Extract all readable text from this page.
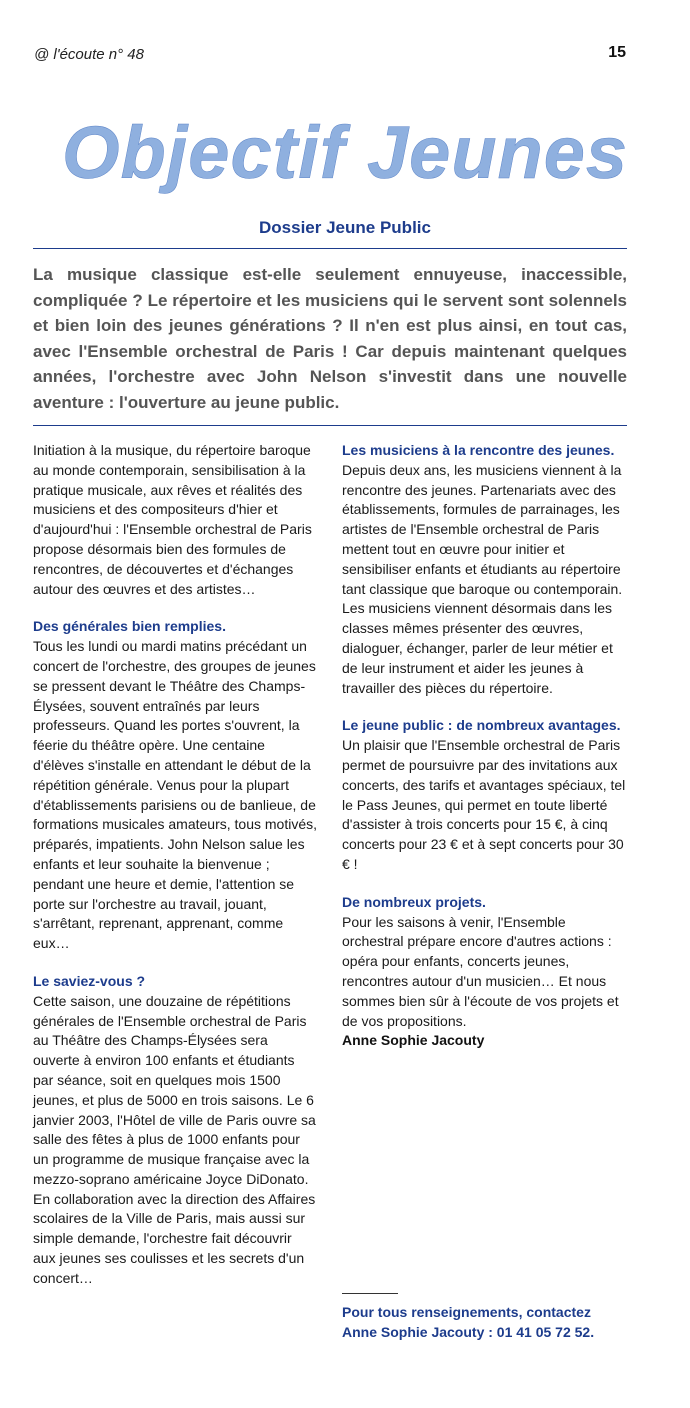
@ l'écoute n° 48	15
Objectif Jeunes
Dossier Jeune Public
La musique classique est-elle seulement ennuyeuse, inaccessible, compliquée ? Le répertoire et les musiciens qui le servent sont solennels et bien loin des jeunes générations ? Il n'en est plus ainsi, en tout cas, avec l'Ensemble orchestral de Paris ! Car depuis maintenant quelques années, l'orchestre avec John Nelson s'investit dans une nouvelle aventure : l'ouverture au jeune public.

Initiation à la musique, du répertoire baroque au monde contemporain, sensibilisation à la pratique musicale, aux rêves et réalités des musiciens et des compositeurs d'hier et d'aujourd'hui : l'Ensemble orchestral de Paris propose désormais bien des formules de rencontres, de découvertes et d'échanges autour des œuvres et des artistes…

Des générales bien remplies.

Tous les lundi ou mardi matins précédant un concert de l'orchestre, des groupes de jeunes se pressent devant le Théâtre des Champs-Élysées, souvent entraînés par leurs professeurs. Quand les portes s'ouvrent, la féerie du théâtre opère. Une centaine d'élèves s'installe en attendant le début de la répétition générale. Venus pour la plupart d'établissements parisiens ou de banlieue, de formations musicales amateurs, tous motivés, préparés, impatients. John Nelson salue les enfants et leur souhaite la bienvenue ; pendant une heure et demie, l'attention se porte sur l'orchestre au travail, jouant, s'arrêtant, reprenant, apprenant, comme eux…

Le saviez-vous ?

Cette saison, une douzaine de répétitions générales de l'Ensemble orchestral de Paris au Théâtre des Champs-Élysées sera ouverte à environ 100 enfants et étudiants par séance, soit en quelques mois 1500 jeunes, et plus de 5000 en trois saisons. Le 6 janvier 2003, l'Hôtel de ville de Paris ouvre sa salle des fêtes à plus de 1000 enfants pour un programme de musique française avec la mezzo-soprano américaine Joyce DiDonato. En collaboration avec la direction des Affaires scolaires de la Ville de Paris, mais aussi sur simple demande, l'orchestre fait découvrir aux jeunes ses coulisses et les secrets d'un concert…

Les musiciens à la rencontre des jeunes.

Depuis deux ans, les musiciens viennent à la rencontre des jeunes. Partenariats avec des établissements, formules de parrainages, les artistes de l'Ensemble orchestral de Paris mettent tout en œuvre pour initier et sensibiliser enfants et étudiants au répertoire tant classique que baroque ou contemporain. Les musiciens viennent désormais dans les classes mêmes présenter des œuvres, dialoguer, échanger, parler de leur métier et de leur instrument et aider les jeunes à travailler des pièces du répertoire.

Le jeune public : de nombreux avantages.

Un plaisir que l'Ensemble orchestral de Paris permet de poursuivre par des invitations aux concerts, des tarifs et avantages spéciaux, tel le Pass Jeunes, qui permet en toute liberté d'assister à trois concerts pour 15 €, à cinq concerts pour 23 € et à sept concerts pour 30 € !

De nombreux projets.

Pour les saisons à venir, l'Ensemble orchestral prépare encore d'autres actions : opéra pour enfants, concerts jeunes, rencontres autour d'un musicien… Et nous sommes bien sûr à l'écoute de vos projets et de vos propositions.

Anne Sophie Jacouty

Pour tous renseignements, contactez
Anne Sophie Jacouty : 01 41 05 72 52.
